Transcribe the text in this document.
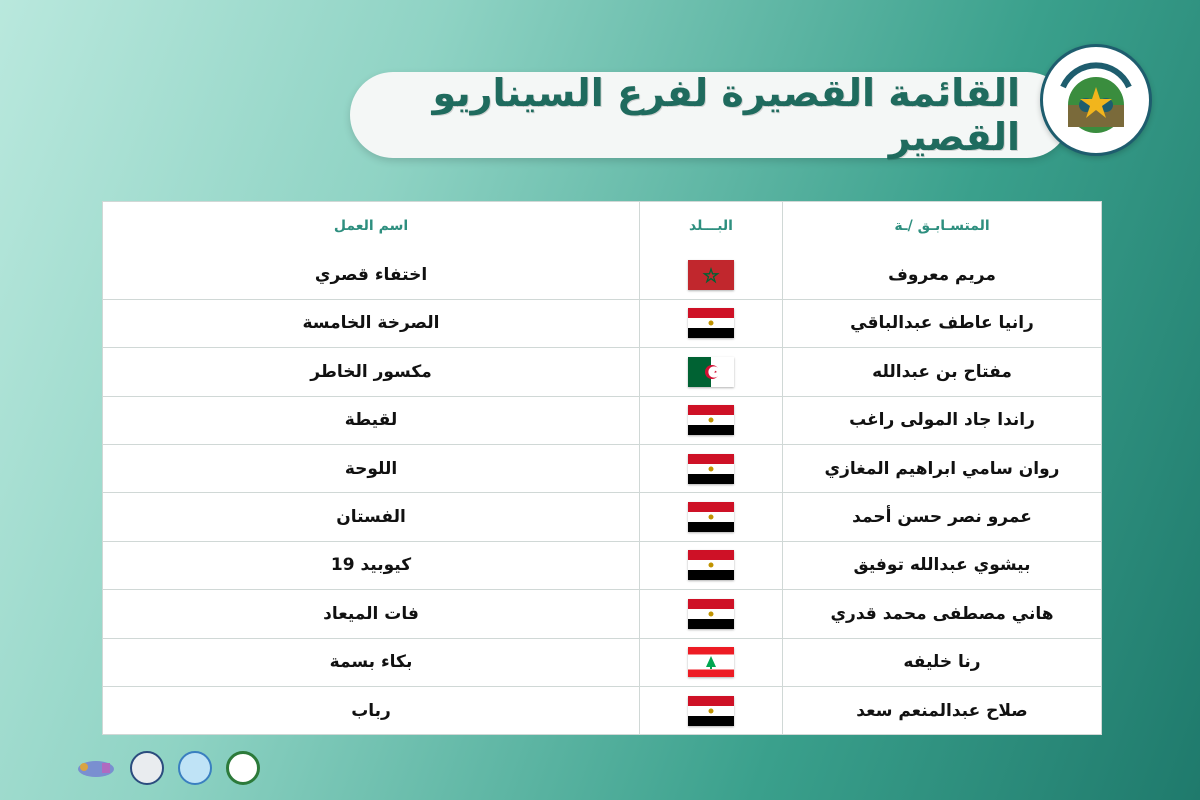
القائمة القصيرة لفرع السيناريو القصير
اسم العمل	البـــلد	المتسـابـق /ـة
اختفاء قصري	مريم معروف
الصرخة الخامسة	رانيا عاطف عبدالباقي
مكسور الخاطر	مفتاح بن عبدالله
لقيطة	راندا جاد المولى راغب
اللوحة	روان سامي ابراهيم المغازي
الفستان	عمرو نصر حسن أحمد
كيوبيد 19	بيشوي عبدالله توفيق
فات الميعاد	هاني مصطفى محمد قدري
بكاء بسمة	رنا خليفه
رباب	صلاح عبدالمنعم سعد
